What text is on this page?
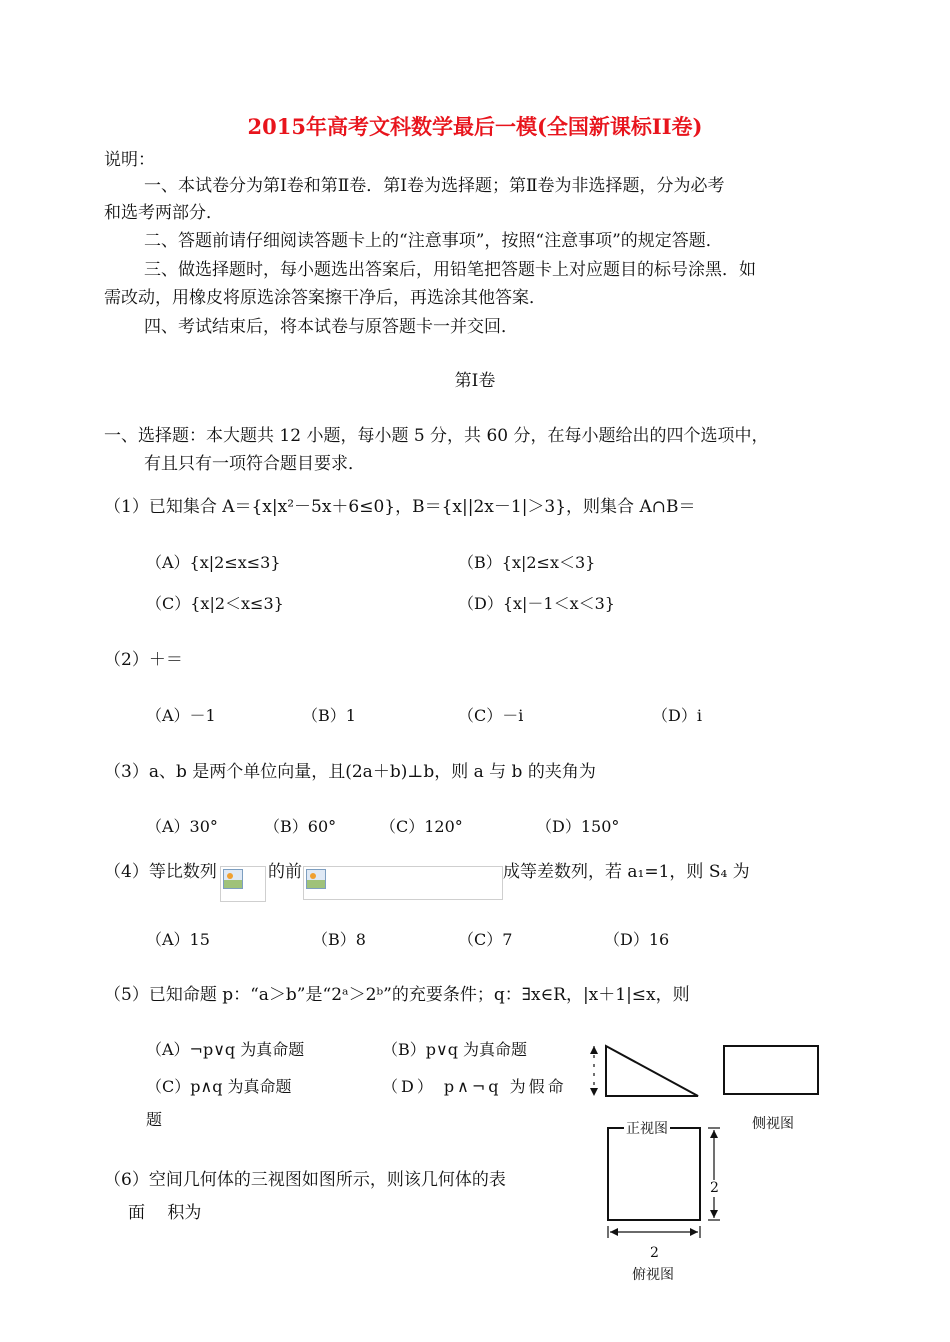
2015年高考文科数学最后一模(全国新课标II卷)
说明：
一、本试卷分为第Ⅰ卷和第Ⅱ卷．第Ⅰ卷为选择题；第Ⅱ卷为非选择题，分为必考
和选考两部分．
二、答题前请仔细阅读答题卡上的“注意事项”，按照“注意事项”的规定答题．
三、做选择题时，每小题选出答案后，用铅笔把答题卡上对应题目的标号涂黑．如
需改动，用橡皮将原选涂答案擦干净后，再选涂其他答案．
四、考试结束后，将本试卷与原答题卡一并交回．
第Ⅰ卷
一、选择题：本大题共 12 小题，每小题 5 分，共 60 分，在每小题给出的四个选项中，
有且只有一项符合题目要求．
（1）已知集合 A＝{x|x²－5x＋6≤0}，B＝{x||2x－1|＞3}，则集合 A∩B＝
（A）{x|2≤x≤3}	（B）{x|2≤x＜3}
（C）{x|2＜x≤3}	（D）{x|－1＜x＜3}
（2）＋＝
（A）－1	（B）1	（C）－i	（D）i
（3）a、b 是两个单位向量，且(2a＋b)⊥b，则 a 与 b 的夹角为
（A）30°	（B）60°	（C）120°	（D）150°
（4）等比数列	的前	成等差数列，若 a₁=1，则 S₄ 为
（A）15	（B）8	（C）7	（D）16
（5）已知命题 p：“a＞b”是“2ᵃ＞2ᵇ”的充要条件；q：∃x∈R，|x＋1|≤x，则
（A）¬p∨q 为真命题	（B）p∨q 为真命题
（C）p∧q 为真命题	（D） p∧¬q 为假命
题
（6）空间几何体的三视图如图所示，则该几何体的表
面　 积为
正视图	侧视图
2
2
俯视图
